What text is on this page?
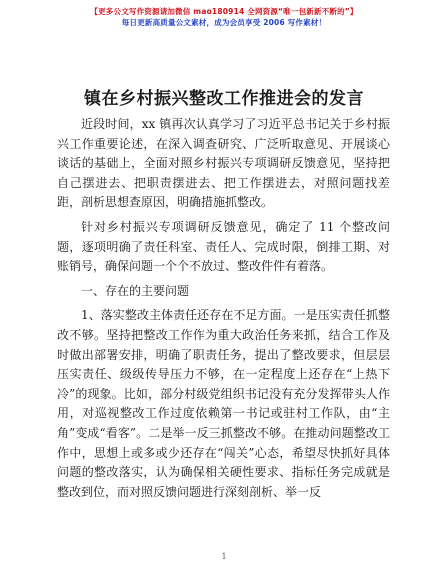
【更多公文写作资源请加微信 mao180914 全网资源“唯一包新新不断的”】
每日更新高质量公文素材，成为会员享受 2006 写作素材！
镇在乡村振兴整改工作推进会的发言

近段时间，xx 镇再次认真学习了习近平总书记关于乡村振兴工作重要论述，在深入调查研究、广泛听取意见、开展谈心谈话的基础上，全面对照乡村振兴专项调研反馈意见，坚持把自己摆进去、把职责摆进去、把工作摆进去，对照问题找差距，剖析思想查原因，明确措施抓整改。

针对乡村振兴专项调研反馈意见，确定了 11 个整改问题，逐项明确了责任科室、责任人、完成时限，倒排工期、对账销号，确保问题一个个不放过、整改件件有着落。

一、存在的主要问题

1、落实整改主体责任还存在不足方面。一是压实责任抓整改不够。坚持把整改工作作为重大政治任务来抓，结合工作及时做出部署安排，明确了职责任务，提出了整改要求，但层层压实责任、级级传导压力不够，在一定程度上还存在“上热下冷”的现象。比如，部分村级党组织书记没有充分发挥带头人作用，对巡视整改工作过度依赖第一书记或驻村工作队，由“主角”变成“看客”。二是举一反三抓整改不够。在推动问题整改工作中，思想上或多或少还存在“闯关”心态，希望尽快抓好具体问题的整改落实，认为确保相关硬性要求、指标任务完成就是整改到位，而对照反馈问题进行深刻剖析、举一反

1
